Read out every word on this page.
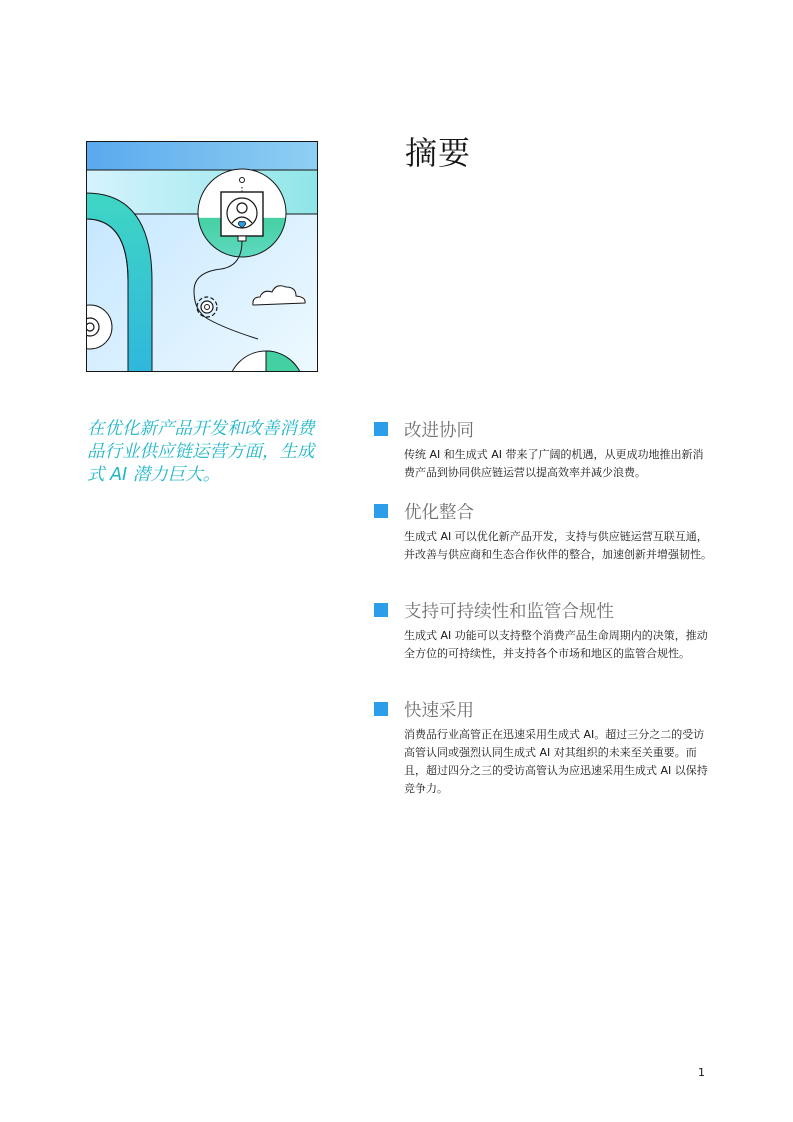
摘要

在优化新产品开发和改善消费品行业供应链运营方面，生成式 AI 潜力巨大。

改进协同
传统 AI 和生成式 AI 带来了广阔的机遇，从更成功地推出新消费产品到协同供应链运营以提高效率并减少浪费。
优化整合
生成式 AI 可以优化新产品开发，支持与供应链运营互联互通，并改善与供应商和生态合作伙伴的整合，加速创新并增强韧性。
支持可持续性和监管合规性
生成式 AI 功能可以支持整个消费产品生命周期内的决策，推动全方位的可持续性，并支持各个市场和地区的监管合规性。
快速采用
消费品行业高管正在迅速采用生成式 AI。超过三分之二的受访高管认同或强烈认同生成式 AI 对其组织的未来至关重要。而且，超过四分之三的受访高管认为应迅速采用生成式 AI 以保持竞争力。
1
